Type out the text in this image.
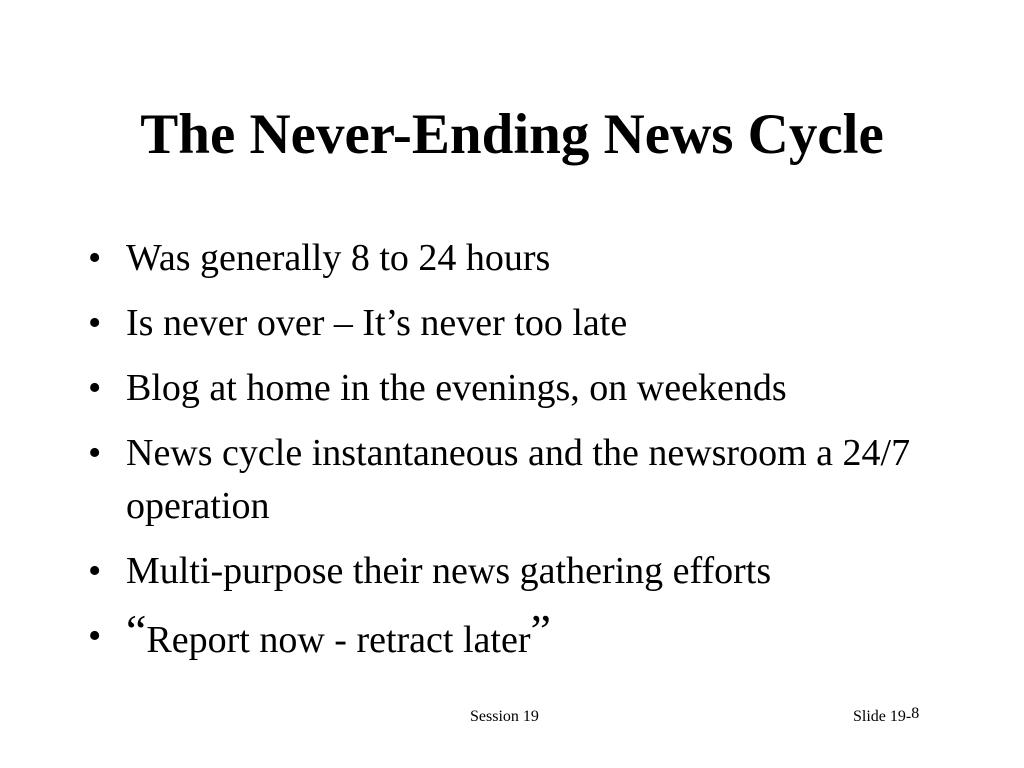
The Never-Ending News Cycle
• Was generally 8 to 24 hours
• Is never over – It’s never too late
• Blog at home in the evenings, on weekends
• News cycle instantaneous and the newsroom a 24/7 operation
• Multi-purpose their news gathering efforts
• “Report now - retract later”
Session 19	Slide 19-8
